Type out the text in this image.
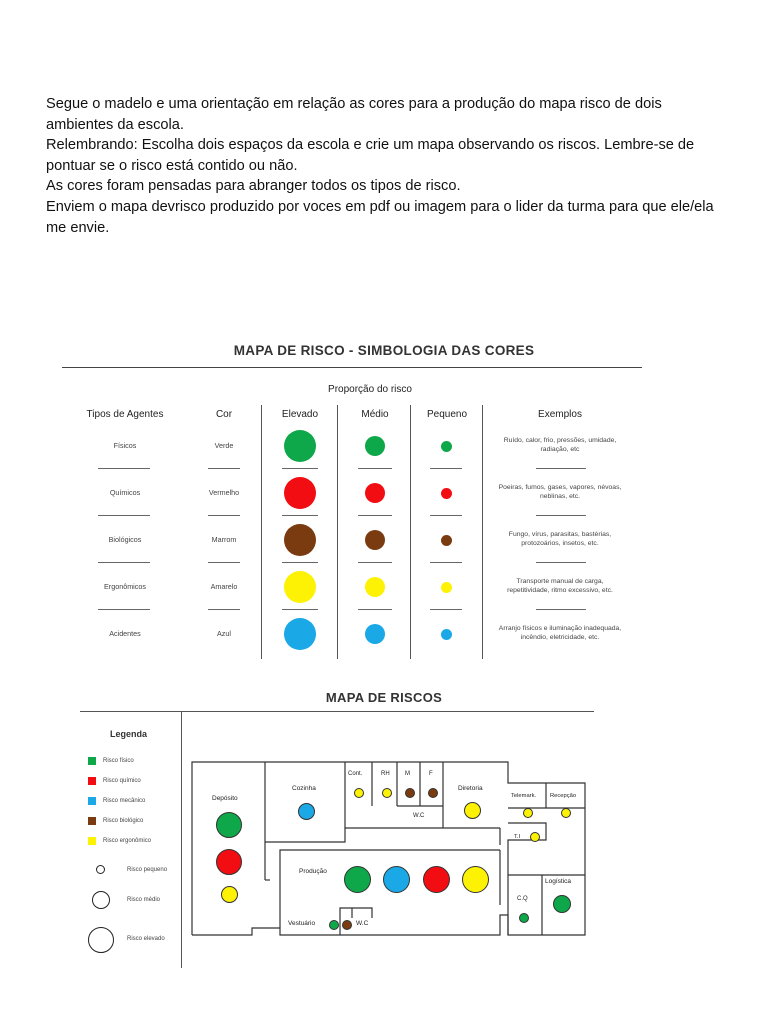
Segue o madelo e uma orientação em relação as cores para a produção do mapa risco de dois ambientes da escola.

Relembrando: Escolha dois espaços da escola e crie um mapa observando os riscos. Lembre-se de pontuar se o risco está contido ou não.

As cores foram pensadas para abranger todos os tipos de risco.

Enviem o mapa devrisco produzido por voces em pdf ou imagem para o lider da turma para que ele/ela me envie.

MAPA DE RISCO - SIMBOLOGIA DAS CORES
Proporção do risco
Tipos de Agentes	Cor	Elevado	Médio	Pequeno	Exemplos
Físicos	Verde
Ruído, calor, frio, pressões, umidade, radiação, etc
Químicos	Vermelho
Poeiras, fumos, gases, vapores, névoas, neblinas, etc.
Biológicos	Marrom
Fungo, vírus, parasitas, bastérias, protozoários, insetos, etc.
Ergonômicos	Amarelo
Transporte manual de carga, repetitividade, ritmo excessivo, etc.
Acidentes	Azul
Arranjo físicos e iluminação inadequada, incêndio, eletricidade, etc.
MAPA DE RISCOS
Legenda
Risco físico
Risco químico
Risco mecânico
Risco biológico
Risco ergonômico
Risco pequeno
Risco médio
Risco elevado
Depósito
Cozinha
Cont.	RH	M	F
W.C
Diretoria
Telemark. Recepção
T.I
Produção
Logística
C.Q
Vestuário	W.C
